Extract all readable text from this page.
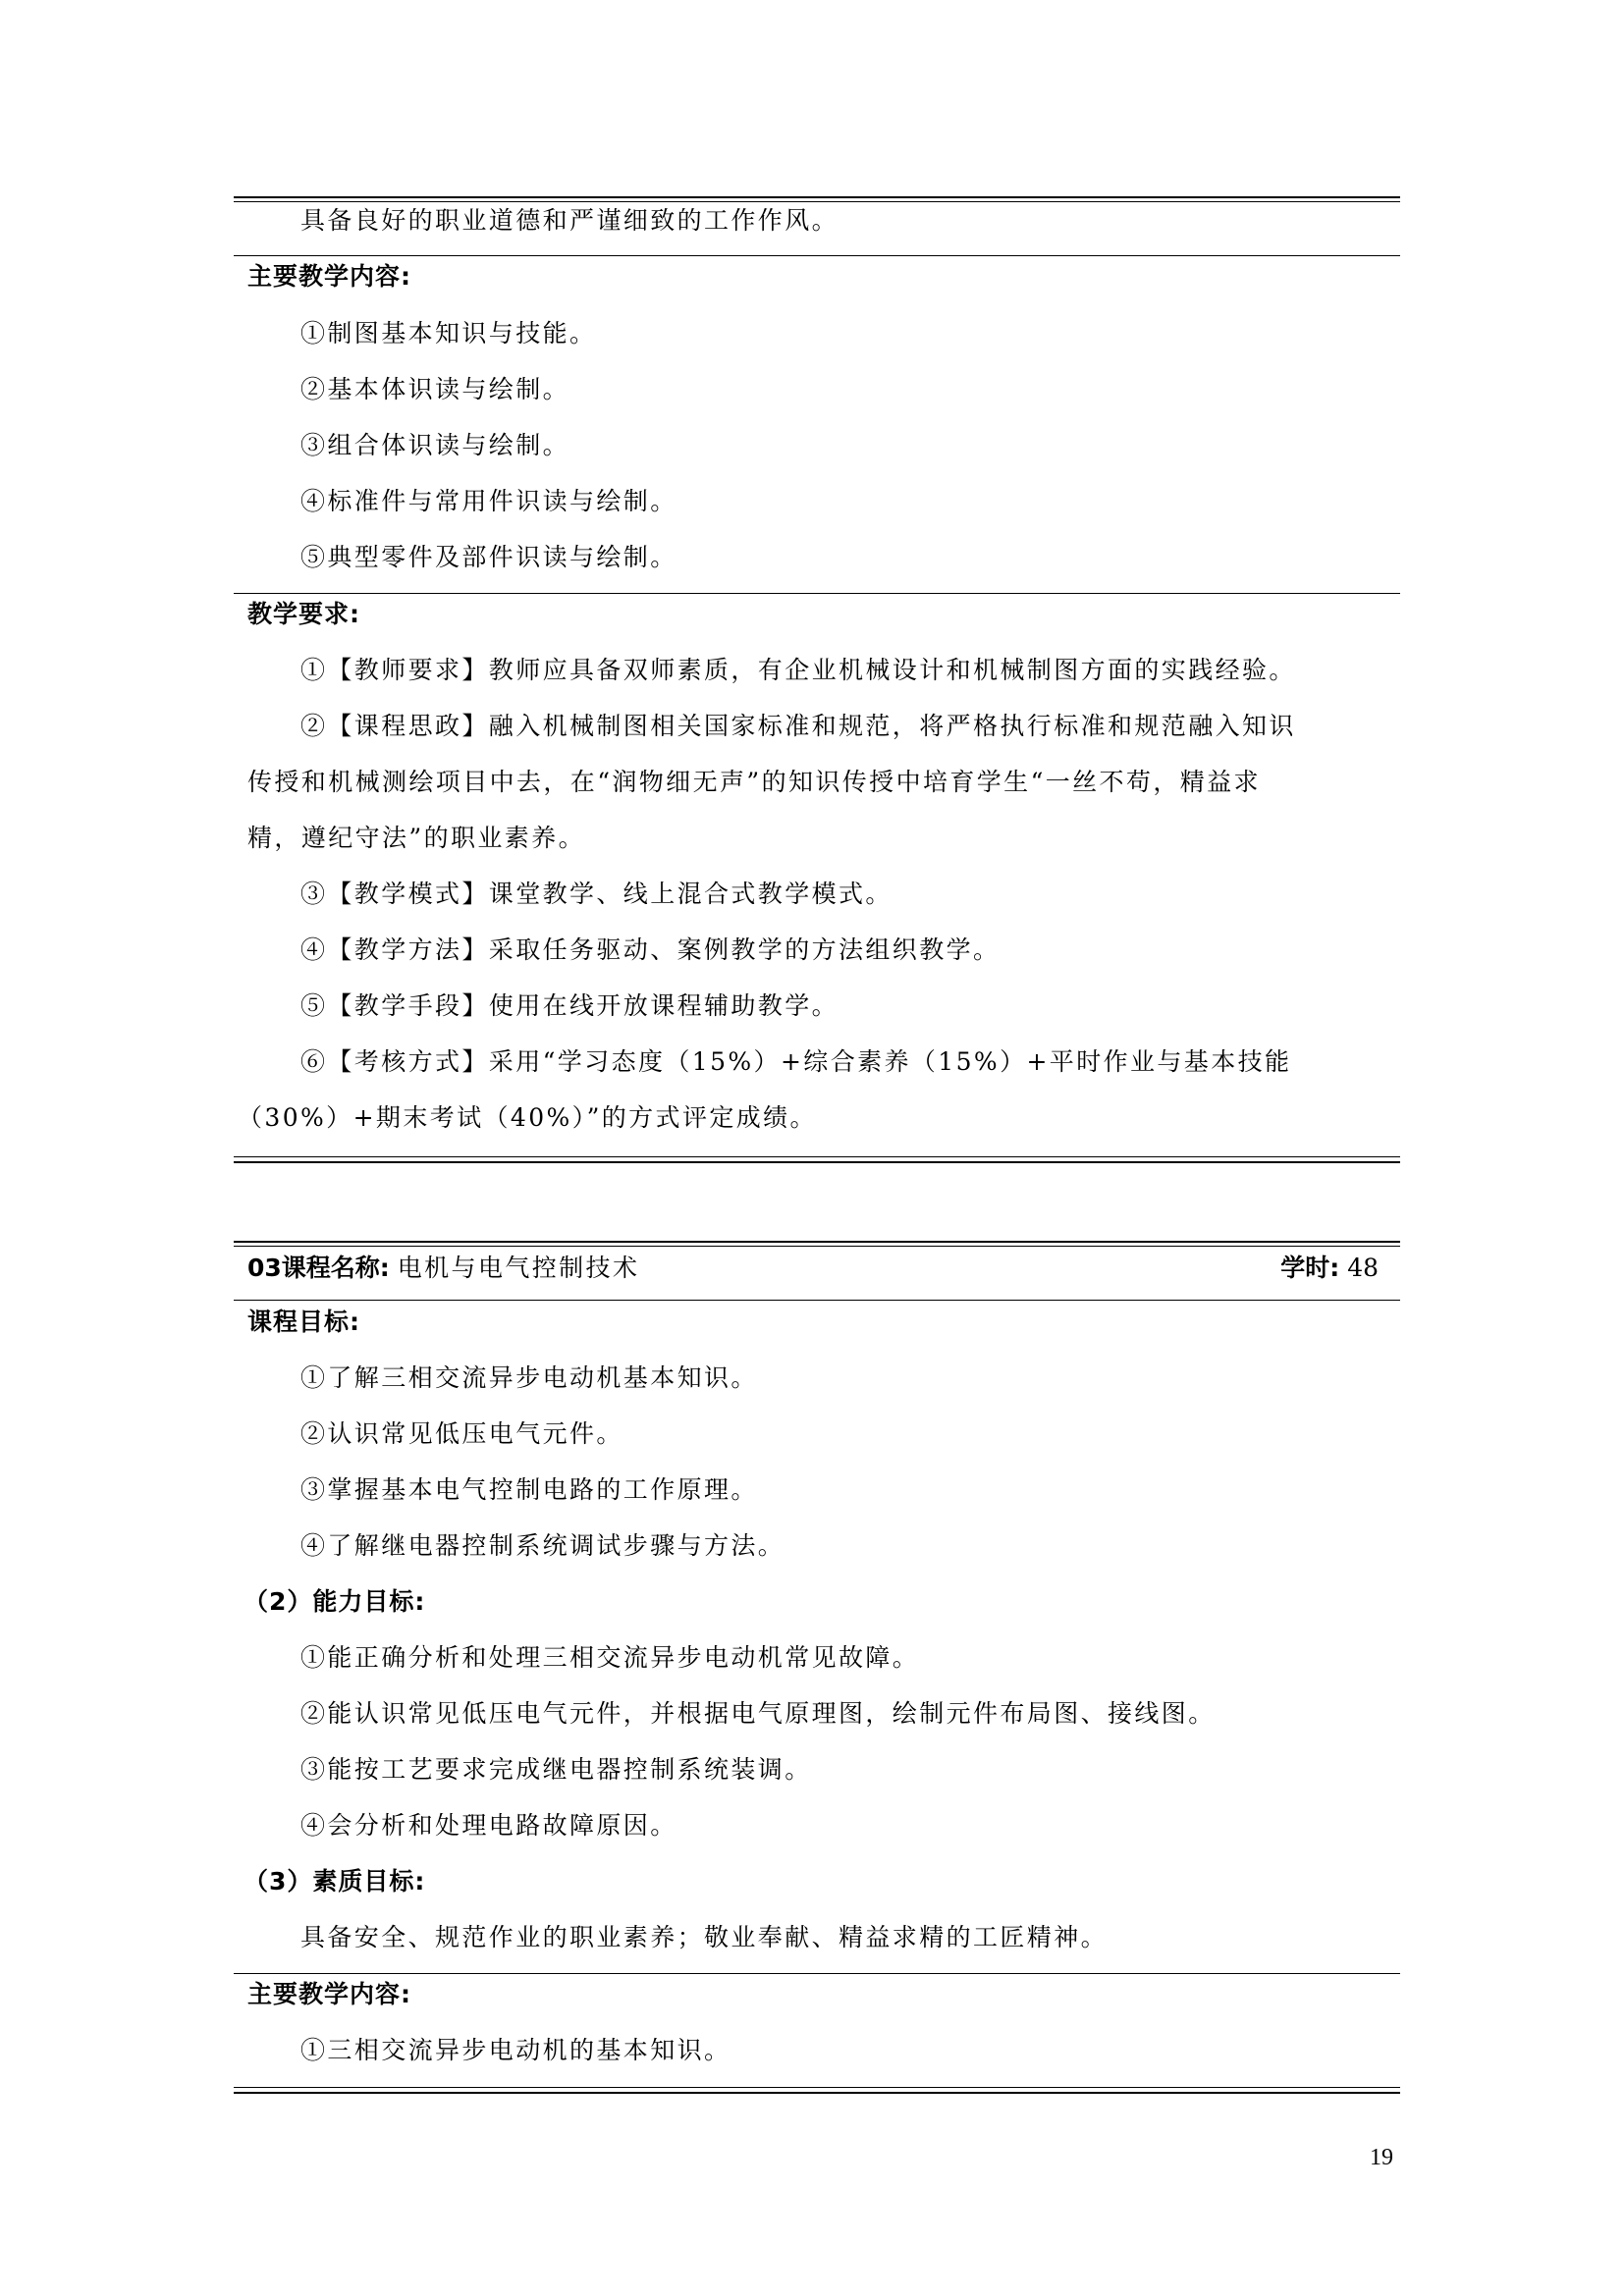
具备良好的职业道德和严谨细致的工作作风。
主要教学内容:
①制图基本知识与技能。
②基本体识读与绘制。
③组合体识读与绘制。
④标准件与常用件识读与绘制。
⑤典型零件及部件识读与绘制。
教学要求:
①【教师要求】教师应具备双师素质，有企业机械设计和机械制图方面的实践经验。
②【课程思政】融入机械制图相关国家标准和规范，将严格执行标准和规范融入知识
传授和机械测绘项目中去，在“润物细无声”的知识传授中培育学生“一丝不苟，精益求
精，遵纪守法”的职业素养。
③【教学模式】课堂教学、线上混合式教学模式。
④【教学方法】采取任务驱动、案例教学的方法组织教学。
⑤【教学手段】使用在线开放课程辅助教学。
⑥【考核方式】采用“学习态度（15%）+综合素养（15%）+平时作业与基本技能
（30%）+期末考试（40%）”的方式评定成绩。
03课程名称: 电机与电气控制技术	学时: 48
课程目标:
①了解三相交流异步电动机基本知识。
②认识常见低压电气元件。
③掌握基本电气控制电路的工作原理。
④了解继电器控制系统调试步骤与方法。
（2）能力目标:
①能正确分析和处理三相交流异步电动机常见故障。
②能认识常见低压电气元件，并根据电气原理图，绘制元件布局图、接线图。
③能按工艺要求完成继电器控制系统装调。
④会分析和处理电路故障原因。
（3）素质目标:
具备安全、规范作业的职业素养；敬业奉献、精益求精的工匠精神。
主要教学内容:
①三相交流异步电动机的基本知识。
19
